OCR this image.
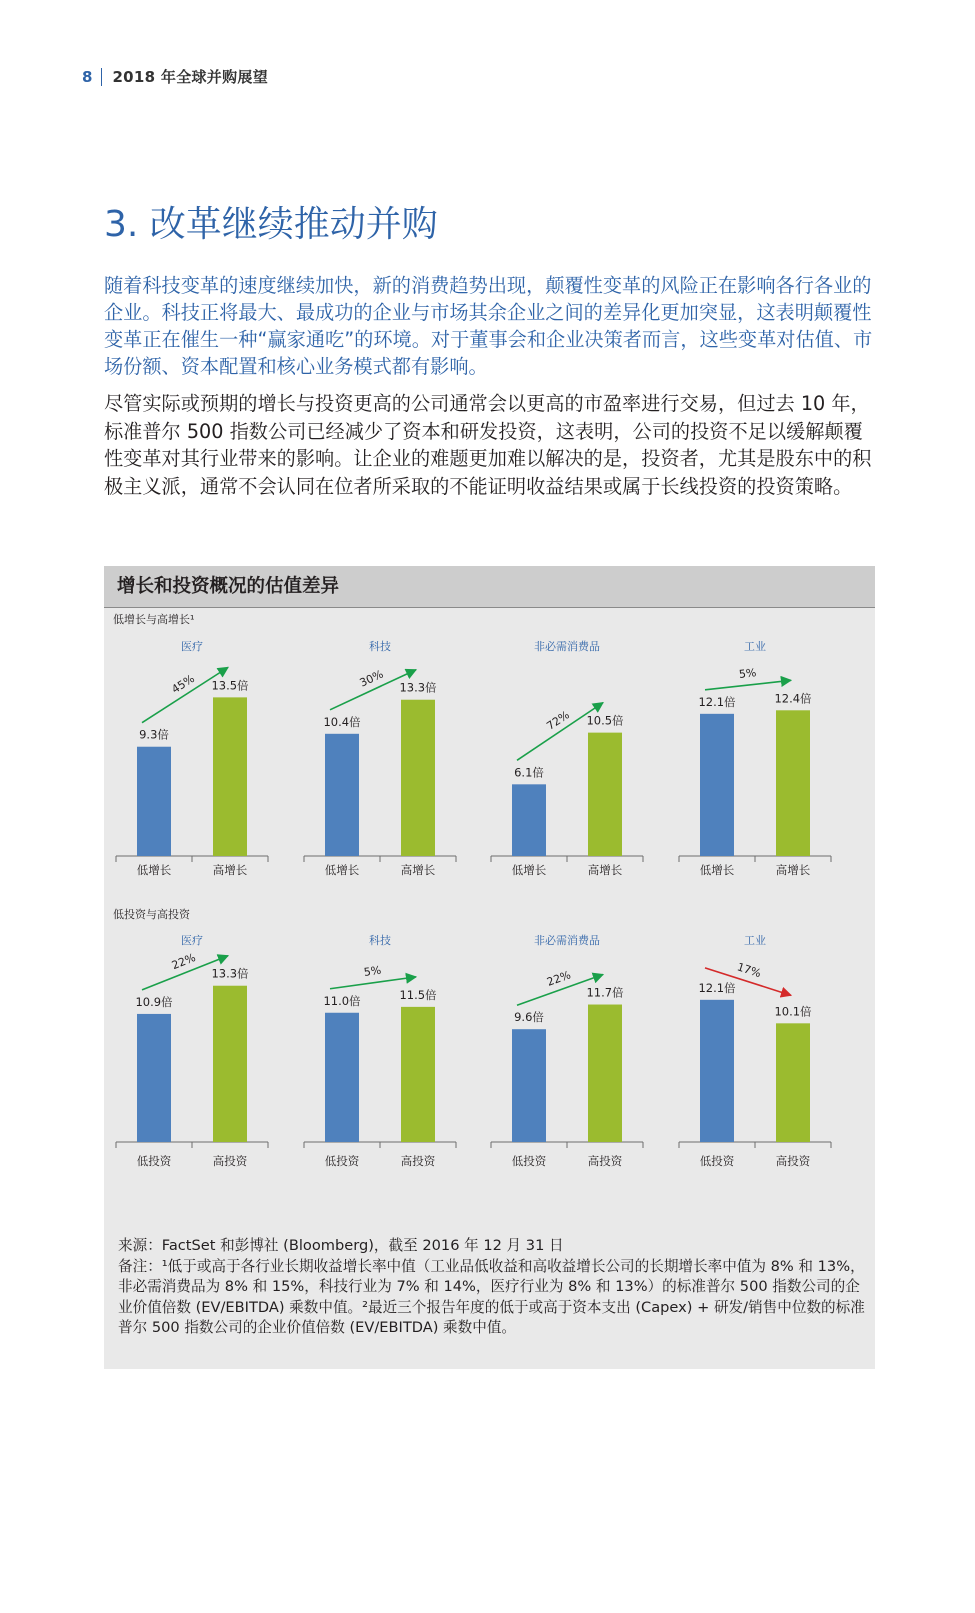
8 2018 年全球并购展望
3. 改革继续推动并购

随着科技变革的速度继续加快，新的消费趋势出现，颠覆性变革的风险正在影响各行各业的企业。科技正将最大、最成功的企业与市场其余企业之间的差异化更加突显，这表明颠覆性变革正在催生一种“赢家通吃”的环境。对于董事会和企业决策者而言，这些变革对估值、市场份额、资本配置和核心业务模式都有影响。

尽管实际或预期的增长与投资更高的公司通常会以更高的市盈率进行交易，但过去 10 年，标准普尔 500 指数公司已经减少了资本和研发投资，这表明，公司的投资不足以缓解颠覆性变革对其行业带来的影响。让企业的难题更加难以解决的是，投资者，尤其是股东中的积极主义派，通常不会认同在位者所采取的不能证明收益结果或属于长线投资的投资策略。

增长和投资概况的估值差异
低增长与高增长¹
医疗
9.3倍
低增长
13.5倍
高增长
45%
科技
10.4倍
低增长
13.3倍
高增长
30%
非必需消费品
6.1倍
低增长
10.5倍
高增长
72%
工业
12.1倍
低增长
12.4倍
高增长
5%
低投资与高投资
医疗
10.9倍
低投资
13.3倍
高投资
22%
科技
11.0倍
低投资
11.5倍
高投资
5%
非必需消费品
9.6倍
低投资
11.7倍
高投资
22%
工业
12.1倍
低投资
10.1倍
高投资
17%

来源：FactSet 和彭博社 (Bloomberg)，截至 2016 年 12 月 31 日

备注：¹低于或高于各行业长期收益增长率中值（工业品低收益和高收益增长公司的长期增长率中值为 8% 和 13%，非必需消费品为 8% 和 15%，科技行业为 7% 和 14%，医疗行业为 8% 和 13%）的标准普尔 500 指数公司的企业价值倍数 (EV/EBITDA) 乘数中值。²最近三个报告年度的低于或高于资本支出 (Capex) + 研发/销售中位数的标准普尔 500 指数公司的企业价值倍数 (EV/EBITDA) 乘数中值。
